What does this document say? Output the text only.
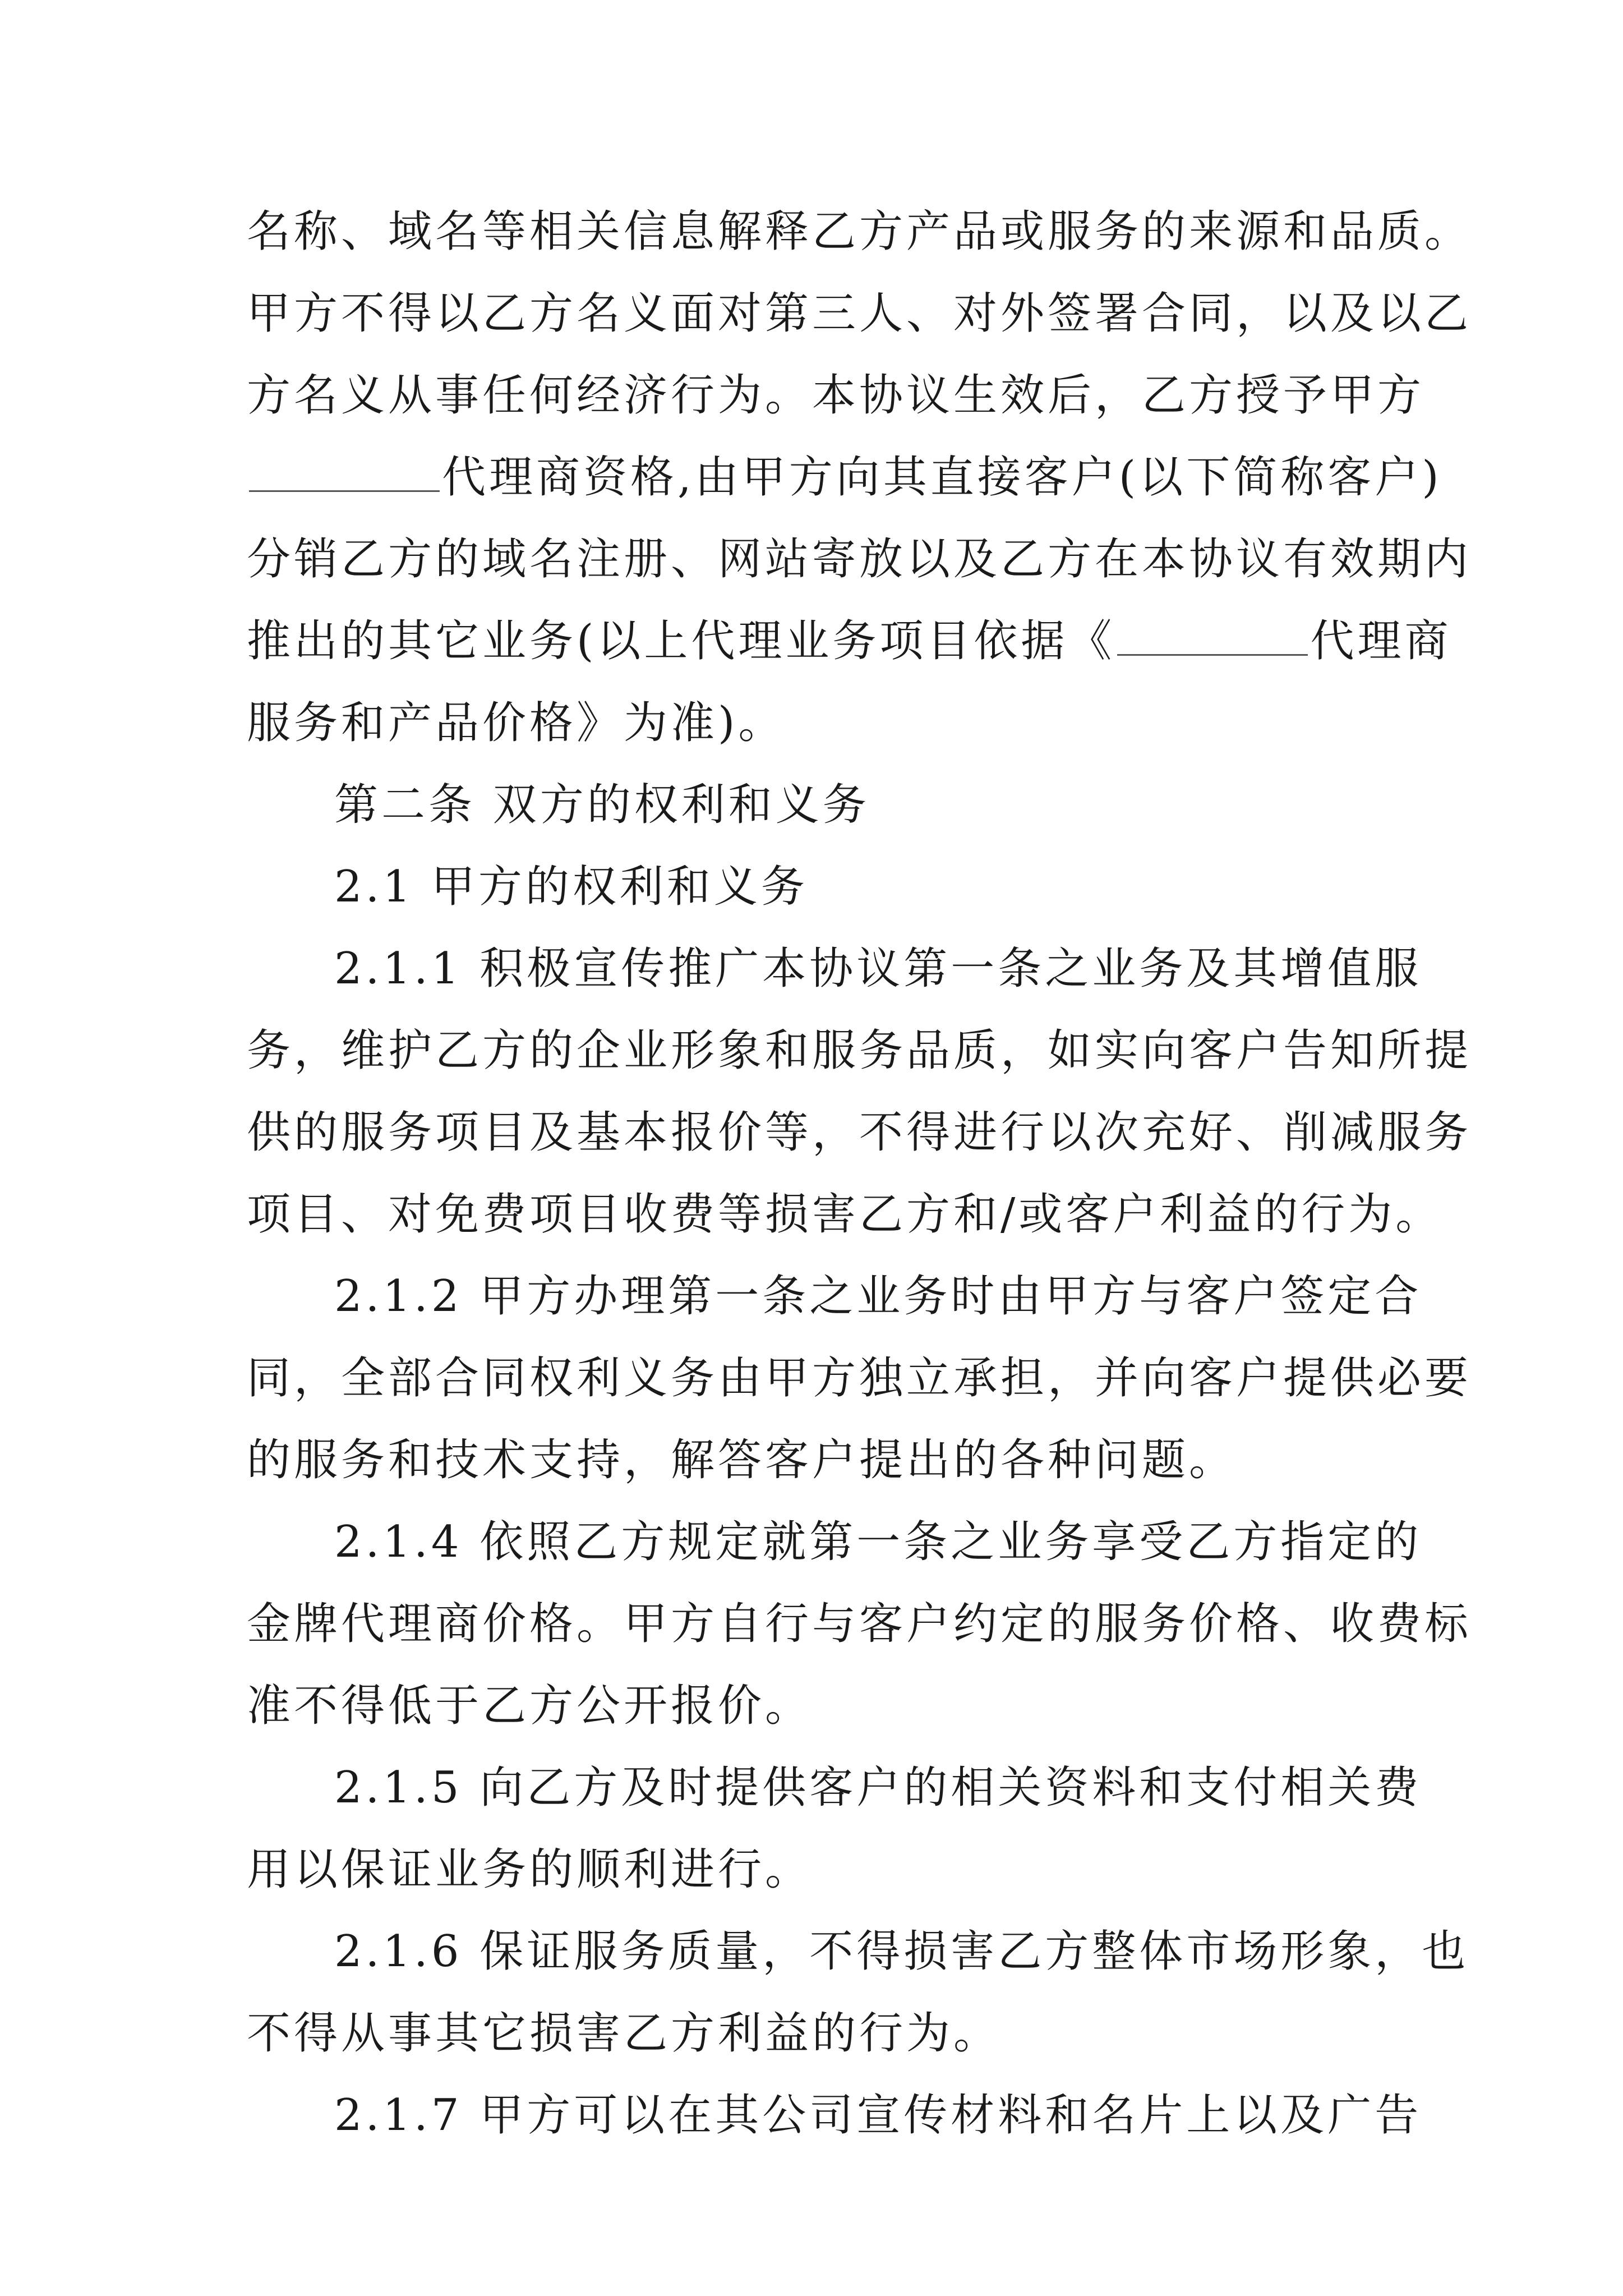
名称、域名等相关信息解释乙方产品或服务的来源和品质。
甲方不得以乙方名义面对第三人、对外签署合同，以及以乙
方名义从事任何经济行为。本协议生效后，乙方授予甲方
代理商资格,由甲方向其直接客户(以下简称客户)
分销乙方的域名注册、网站寄放以及乙方在本协议有效期内
推出的其它业务(以上代理业务项目依据《	代理商
服务和产品价格》为准)。
第二条 双方的权利和义务
2.1 甲方的权利和义务
2.1.1 积极宣传推广本协议第一条之业务及其增值服
务，维护乙方的企业形象和服务品质，如实向客户告知所提
供的服务项目及基本报价等，不得进行以次充好、削减服务
项目、对免费项目收费等损害乙方和/或客户利益的行为。
2.1.2 甲方办理第一条之业务时由甲方与客户签定合
同，全部合同权利义务由甲方独立承担，并向客户提供必要
的服务和技术支持，解答客户提出的各种问题。
2.1.4 依照乙方规定就第一条之业务享受乙方指定的
金牌代理商价格。甲方自行与客户约定的服务价格、收费标
准不得低于乙方公开报价。
2.1.5 向乙方及时提供客户的相关资料和支付相关费
用以保证业务的顺利进行。
2.1.6 保证服务质量，不得损害乙方整体市场形象，也
不得从事其它损害乙方利益的行为。
2.1.7 甲方可以在其公司宣传材料和名片上以及广告
